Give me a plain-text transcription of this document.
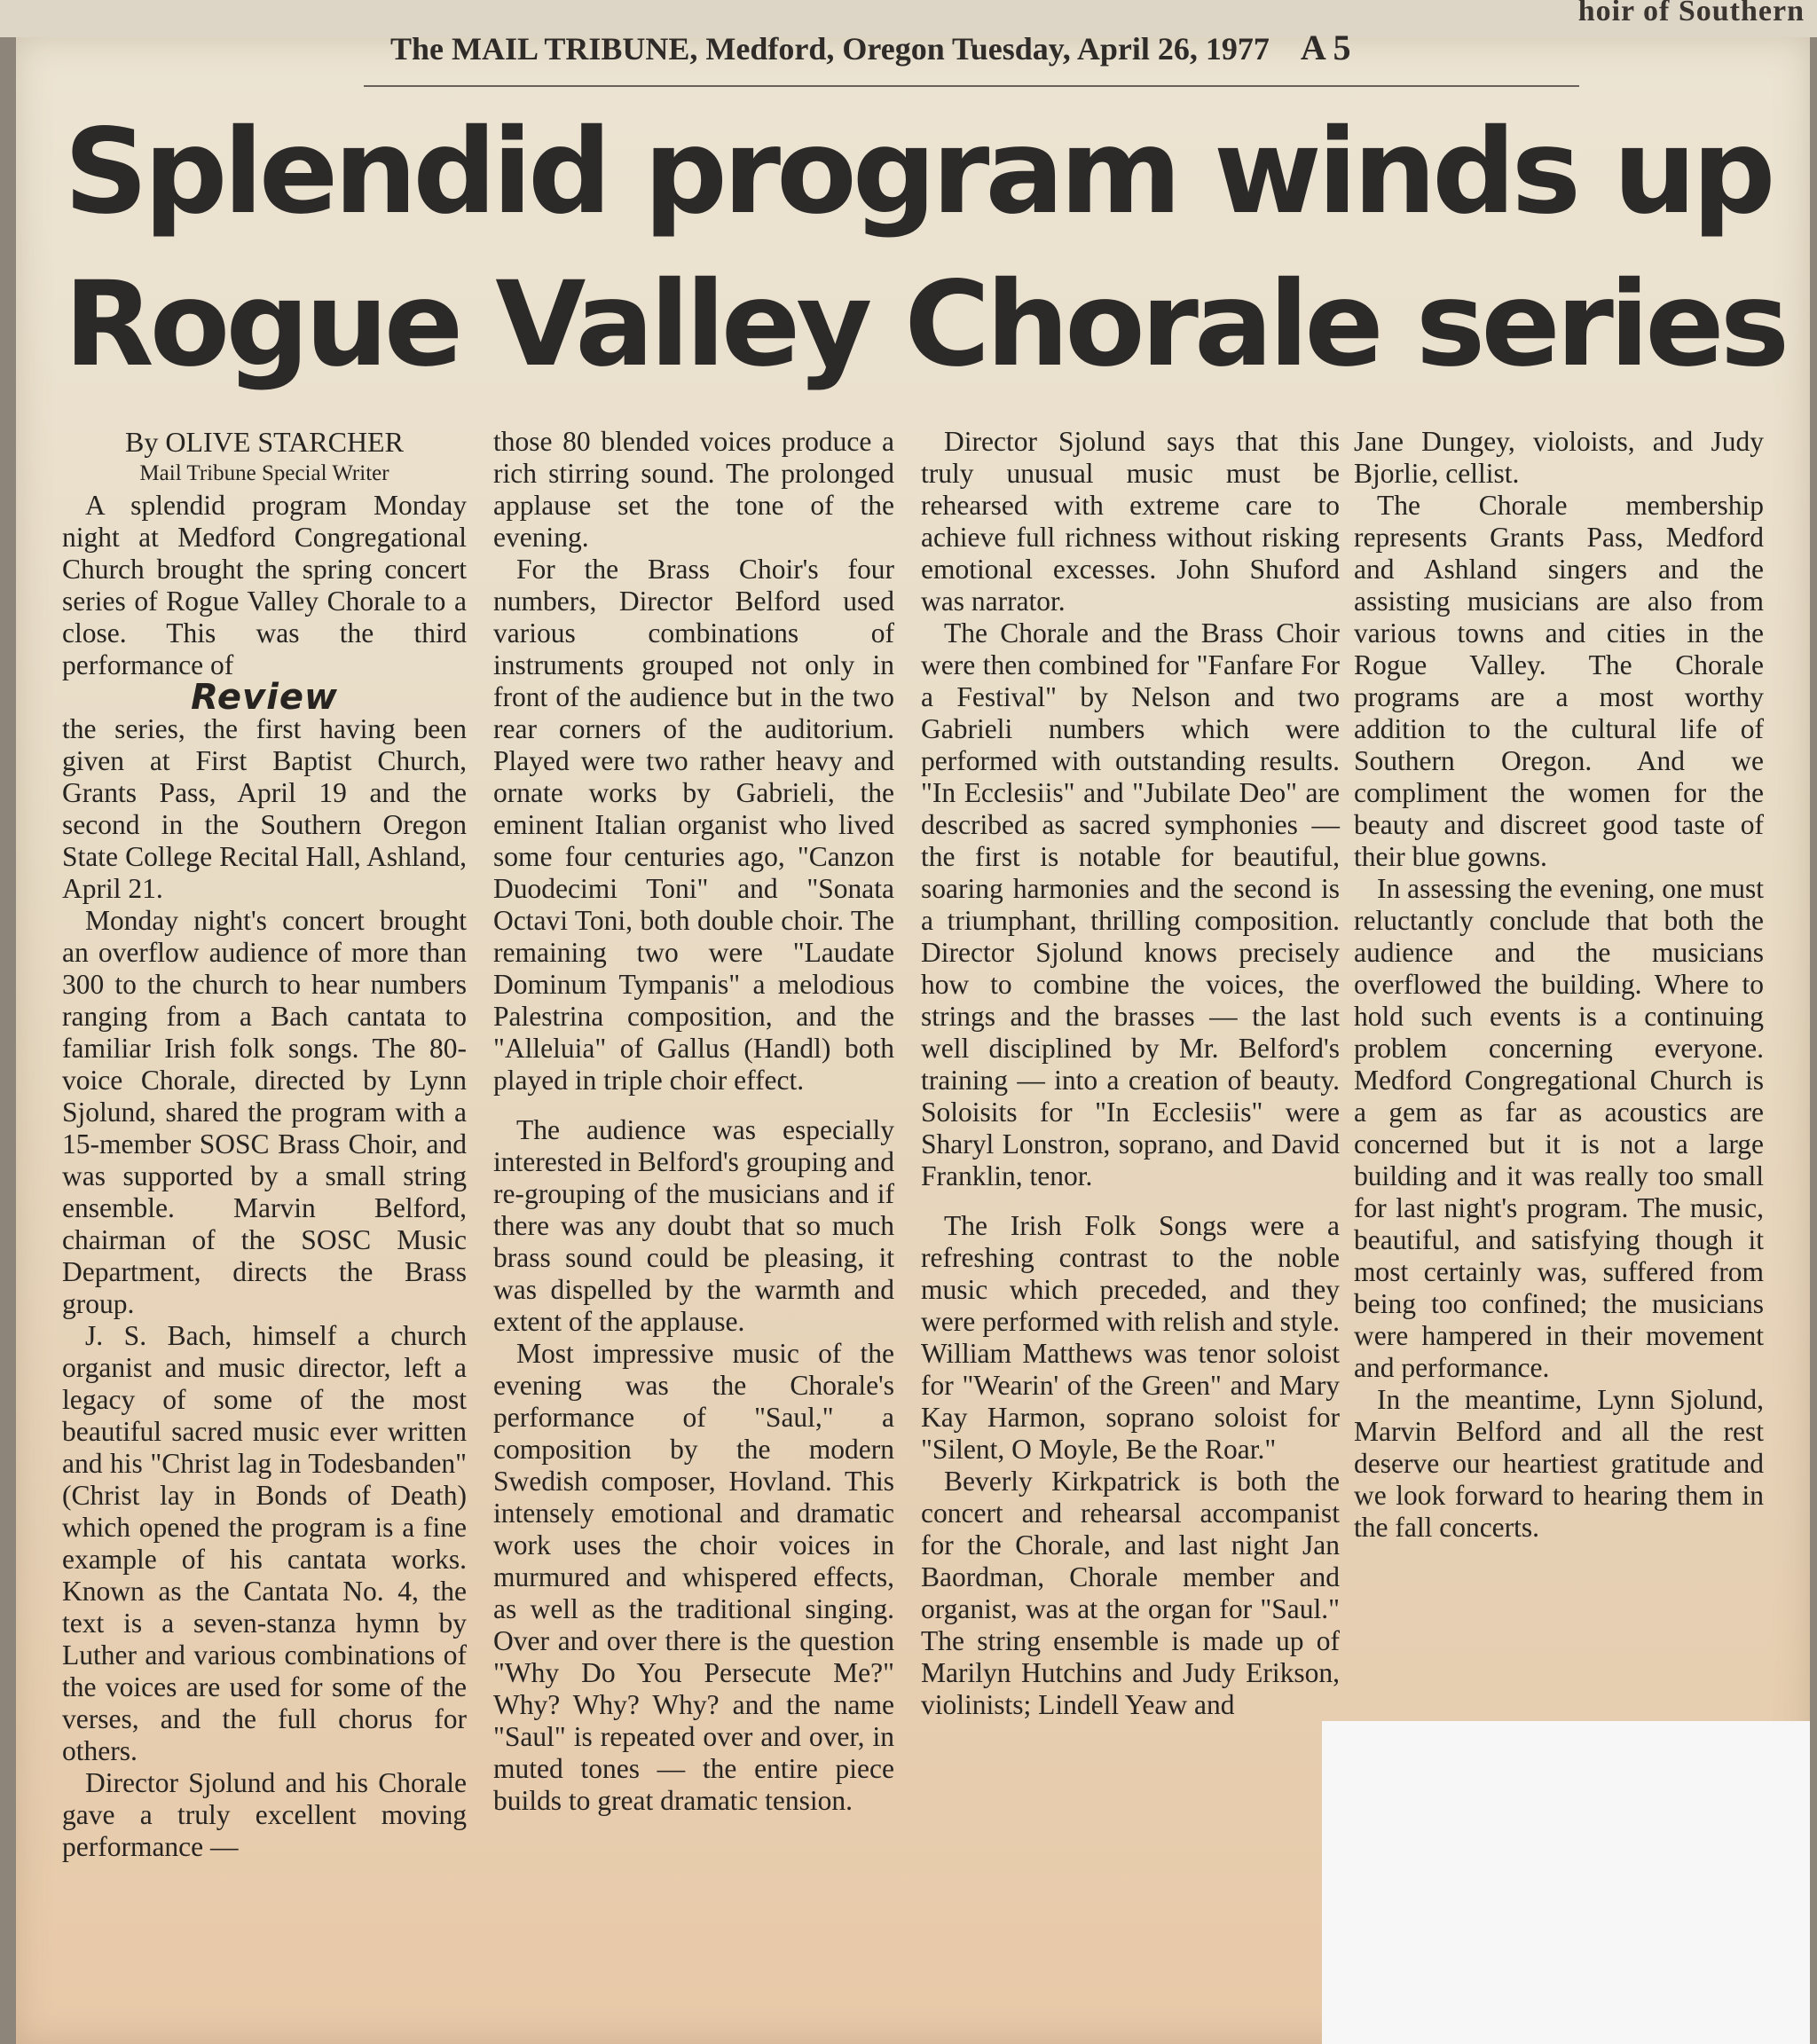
hoir of Southern
The MAIL TRIBUNE, Medford, Oregon Tuesday, April 26, 1977 A 5
Splendid program winds up
Rogue Valley Chorale series

By OLIVE STARCHER

Mail Tribune Special Writer

A splendid program Monday night at Medford Congregational Church brought the spring concert series of Rogue Valley Chorale to a close. This was the third performance of

Review

the series, the first having been given at First Baptist Church, Grants Pass, April 19 and the second in the Southern Oregon State College Recital Hall, Ashland, April 21.

Monday night's concert brought an overflow audience of more than 300 to the church to hear numbers ranging from a Bach cantata to familiar Irish folk songs. The 80-voice Chorale, directed by Lynn Sjolund, shared the program with a 15-member SOSC Brass Choir, and was supported by a small string ensemble. Marvin Belford, chairman of the SOSC Music Department, directs the Brass group.

J. S. Bach, himself a church organist and music director, left a legacy of some of the most beautiful sacred music ever written and his "Christ lag in Todesbanden" (Christ lay in Bonds of Death) which opened the program is a fine example of his cantata works. Known as the Cantata No. 4, the text is a seven-stanza hymn by Luther and various combinations of the voices are used for some of the verses, and the full chorus for others.

Director Sjolund and his Chorale gave a truly excellent moving performance —

those 80 blended voices produce a rich stirring sound. The prolonged applause set the tone of the evening.

For the Brass Choir's four numbers, Director Belford used various combinations of instruments grouped not only in front of the audience but in the two rear corners of the auditorium. Played were two rather heavy and ornate works by Gabrieli, the eminent Italian organist who lived some four centuries ago, "Canzon Duodecimi Toni" and "Sonata Octavi Toni, both double choir. The remaining two were "Laudate Dominum Tympanis" a melodious Palestrina composition, and the "Alleluia" of Gallus (Handl) both played in triple choir effect.

The audience was especially interested in Belford's grouping and re-grouping of the musicians and if there was any doubt that so much brass sound could be pleasing, it was dispelled by the warmth and extent of the applause.

Most impressive music of the evening was the Chorale's performance of "Saul," a composition by the modern Swedish composer, Hovland. This intensely emotional and dramatic work uses the choir voices in murmured and whispered effects, as well as the traditional singing. Over and over there is the question "Why Do You Persecute Me?" Why? Why? Why? and the name "Saul" is repeated over and over, in muted tones — the entire piece builds to great dramatic tension.

Director Sjolund says that this truly unusual music must be rehearsed with extreme care to achieve full richness without risking emotional excesses. John Shuford was narrator.

The Chorale and the Brass Choir were then combined for "Fanfare For a Festival" by Nelson and two Gabrieli numbers which were performed with outstanding results. "In Ecclesiis" and "Jubilate Deo" are described as sacred symphonies — the first is notable for beautiful, soaring harmonies and the second is a triumphant, thrilling composition. Director Sjolund knows precisely how to combine the voices, the strings and the brasses — the last well disciplined by Mr. Belford's training — into a creation of beauty. Soloisits for "In Ecclesiis" were Sharyl Lonstron, soprano, and David Franklin, tenor.

The Irish Folk Songs were a refreshing contrast to the noble music which preceded, and they were performed with relish and style. William Matthews was tenor soloist for "Wearin' of the Green" and Mary Kay Harmon, soprano soloist for "Silent, O Moyle, Be the Roar."

Beverly Kirkpatrick is both the concert and rehearsal accompanist for the Chorale, and last night Jan Baordman, Chorale member and organist, was at the organ for "Saul." The string ensemble is made up of Marilyn Hutchins and Judy Erikson, violinists; Lindell Yeaw and

Jane Dungey, violoists, and Judy Bjorlie, cellist.

The Chorale membership represents Grants Pass, Medford and Ashland singers and the assisting musicians are also from various towns and cities in the Rogue Valley. The Chorale programs are a most worthy addition to the cultural life of Southern Oregon. And we compliment the women for the beauty and discreet good taste of their blue gowns.

In assessing the evening, one must reluctantly conclude that both the audience and the musicians overflowed the building. Where to hold such events is a continuing problem concerning everyone. Medford Congregational Church is a gem as far as acoustics are concerned but it is not a large building and it was really too small for last night's program. The music, beautiful, and satisfying though it most certainly was, suffered from being too confined; the musicians were hampered in their movement and performance.

In the meantime, Lynn Sjolund, Marvin Belford and all the rest deserve our heartiest gratitude and we look forward to hearing them in the fall concerts.
